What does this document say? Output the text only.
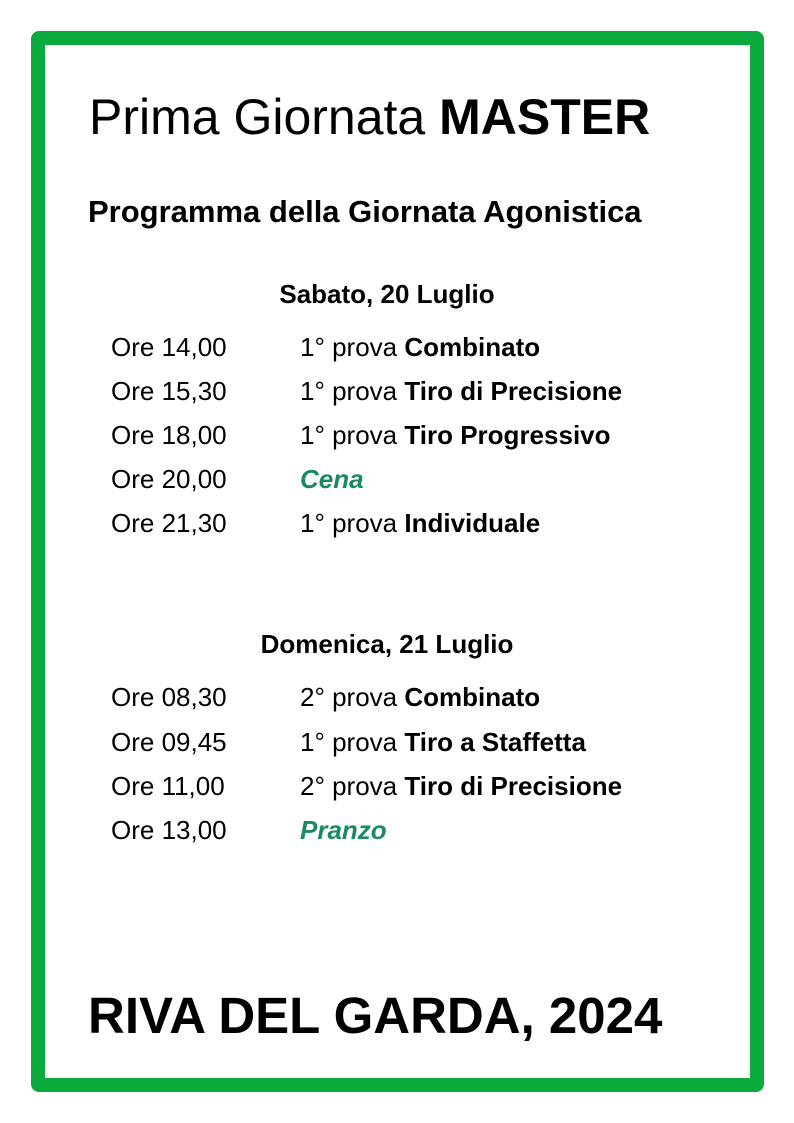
Prima Giornata MASTER
Programma della Giornata Agonistica
Sabato, 20 Luglio
Ore 14,00	1° prova Combinato
Ore 15,30	1° prova Tiro di Precisione
Ore 18,00	1° prova Tiro Progressivo
Ore 20,00	Cena
Ore 21,30	1° prova Individuale
Domenica, 21 Luglio
Ore 08,30	2° prova Combinato
Ore 09,45	1° prova Tiro a Staffetta
Ore 11,00	2° prova Tiro di Precisione
Ore 13,00	Pranzo
RIVA DEL GARDA, 2024
